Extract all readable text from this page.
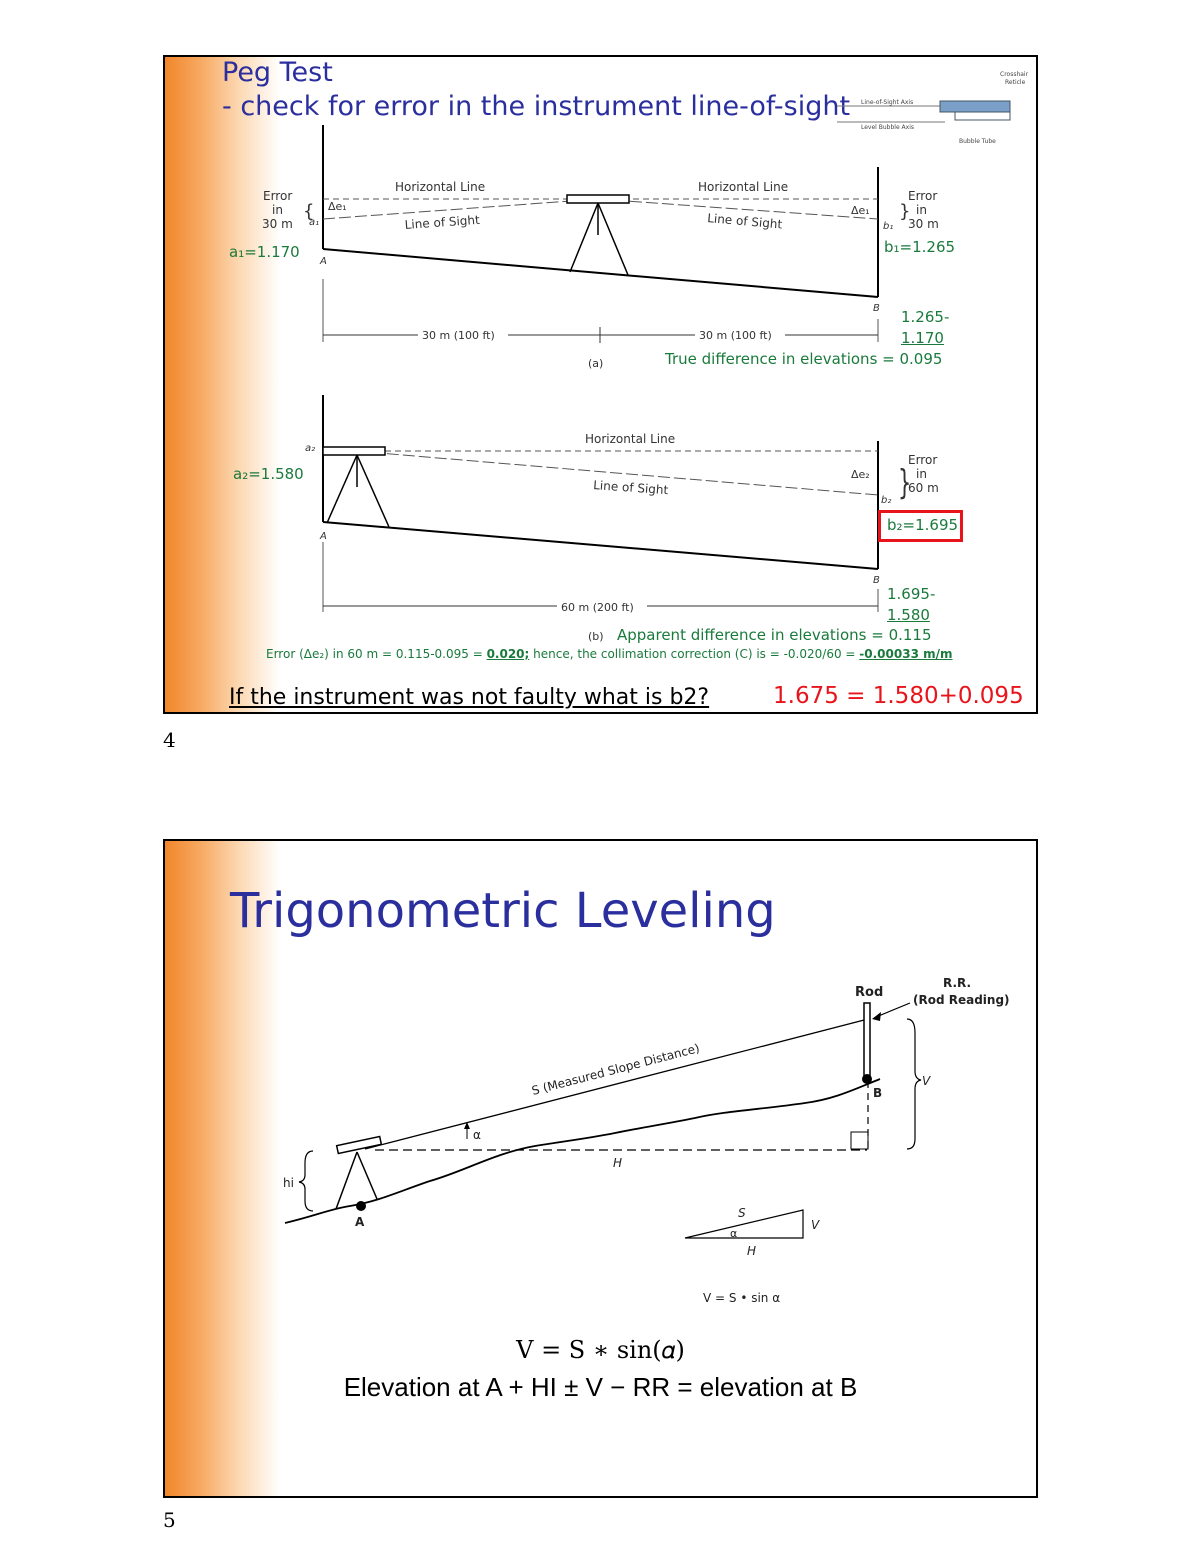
Peg Test
- check for error in the instrument line-of-sight Line-of-Sight Axis
Level Bubble Axis
Crosshair
Reticle
Bubble Tube
Horizontal Line	Horizontal Line
Line of Sight	Line of Sight
Error
in
30 m
{ Δe₁
a₁
Δe₁
b₁
}
Error
in
30 m
A
B
30 m (100 ft)	30 m (100 ft)
(a)
a₂
Horizontal Line
Line of Sight
Δe₂
b₂ }
Error
in
60 m
A
B
60 m (200 ft)
(b)
a₁=1.170	b₁=1.265
1.265-
1.170
True difference in elevations = 0.095
a₂=1.580
b₂=1.695
1.695-
1.580
Apparent difference in elevations = 0.115
Error (Δe₂) in 60 m = 0.115-0.095 = 0.020; hence, the collimation correction (C) is = -0.020/60 = -0.00033 m/m
If the instrument was not faulty what is b2?	1.675 = 1.580+0.095
4
Trigonometric Leveling
Rod
R.R.
(Rod Reading)
S (Measured Slope Distance)
α
H
V
hi
A
B
S
α
H
V
V = S • sin α
V = S ∗ sin(𝛼)
Elevation at A + HI ± V − RR = elevation at B
5
